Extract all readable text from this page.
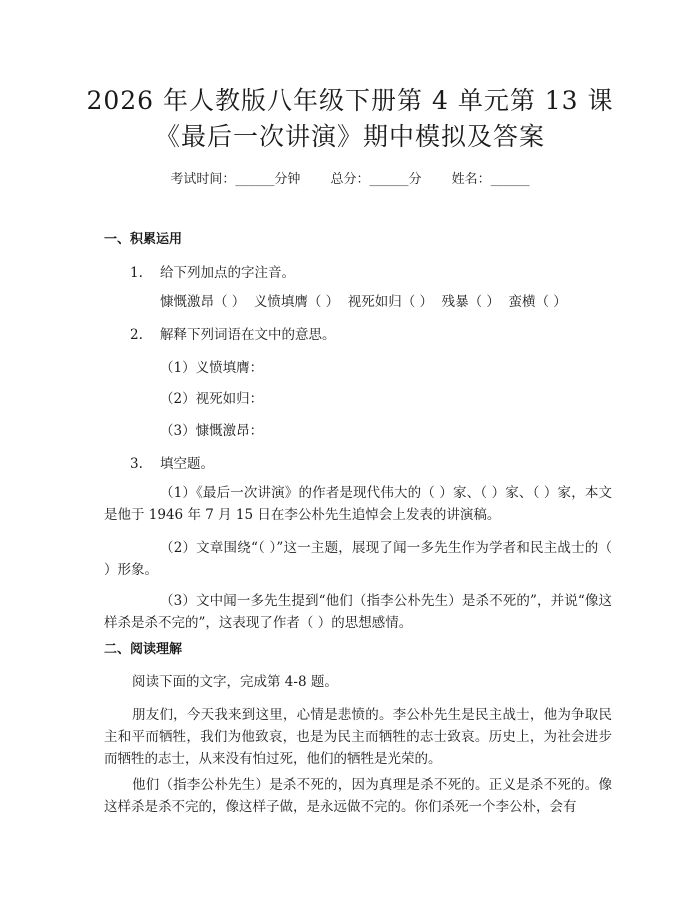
2026 年人教版八年级下册第 4 单元第 13 课
《最后一次讲演》期中模拟及答案
考试时间：______分钟 总分：______分 姓名：______
一、积累运用
1. 给下列加点的字注音。
慷慨激昂（ ）  义愤填膺（ ）  视死如归（ ）  残暴（ ）  蛮横（ ）
2. 解释下列词语在文中的意思。
（1）义愤填膺：
（2）视死如归：
（3）慷慨激昂：
3. 填空题。
（1）《最后一次讲演》的作者是现代伟大的（ ）家、（ ）家、（ ）家，本文是他于 1946 年 7 月 15 日在李公朴先生追悼会上发表的讲演稿。
（2）文章围绕“（ ）”这一主题，展现了闻一多先生作为学者和民主战士的（ ）形象。
（3）文中闻一多先生提到“他们（指李公朴先生）是杀不死的”，并说“像这样杀是杀不完的”，这表现了作者（ ）的思想感情。
二、阅读理解
阅读下面的文字，完成第 4-8 题。
朋友们，今天我来到这里，心情是悲愤的。李公朴先生是民主战士，他为争取民主和平而牺牲，我们为他致哀，也是为民主而牺牲的志士致哀。历史上，为社会进步而牺牲的志士，从来没有怕过死，他们的牺牲是光荣的。
他们（指李公朴先生）是杀不死的，因为真理是杀不死的。正义是杀不死的。像这样杀是杀不完的，像这样子做，是永远做不完的。你们杀死一个李公朴，会有
